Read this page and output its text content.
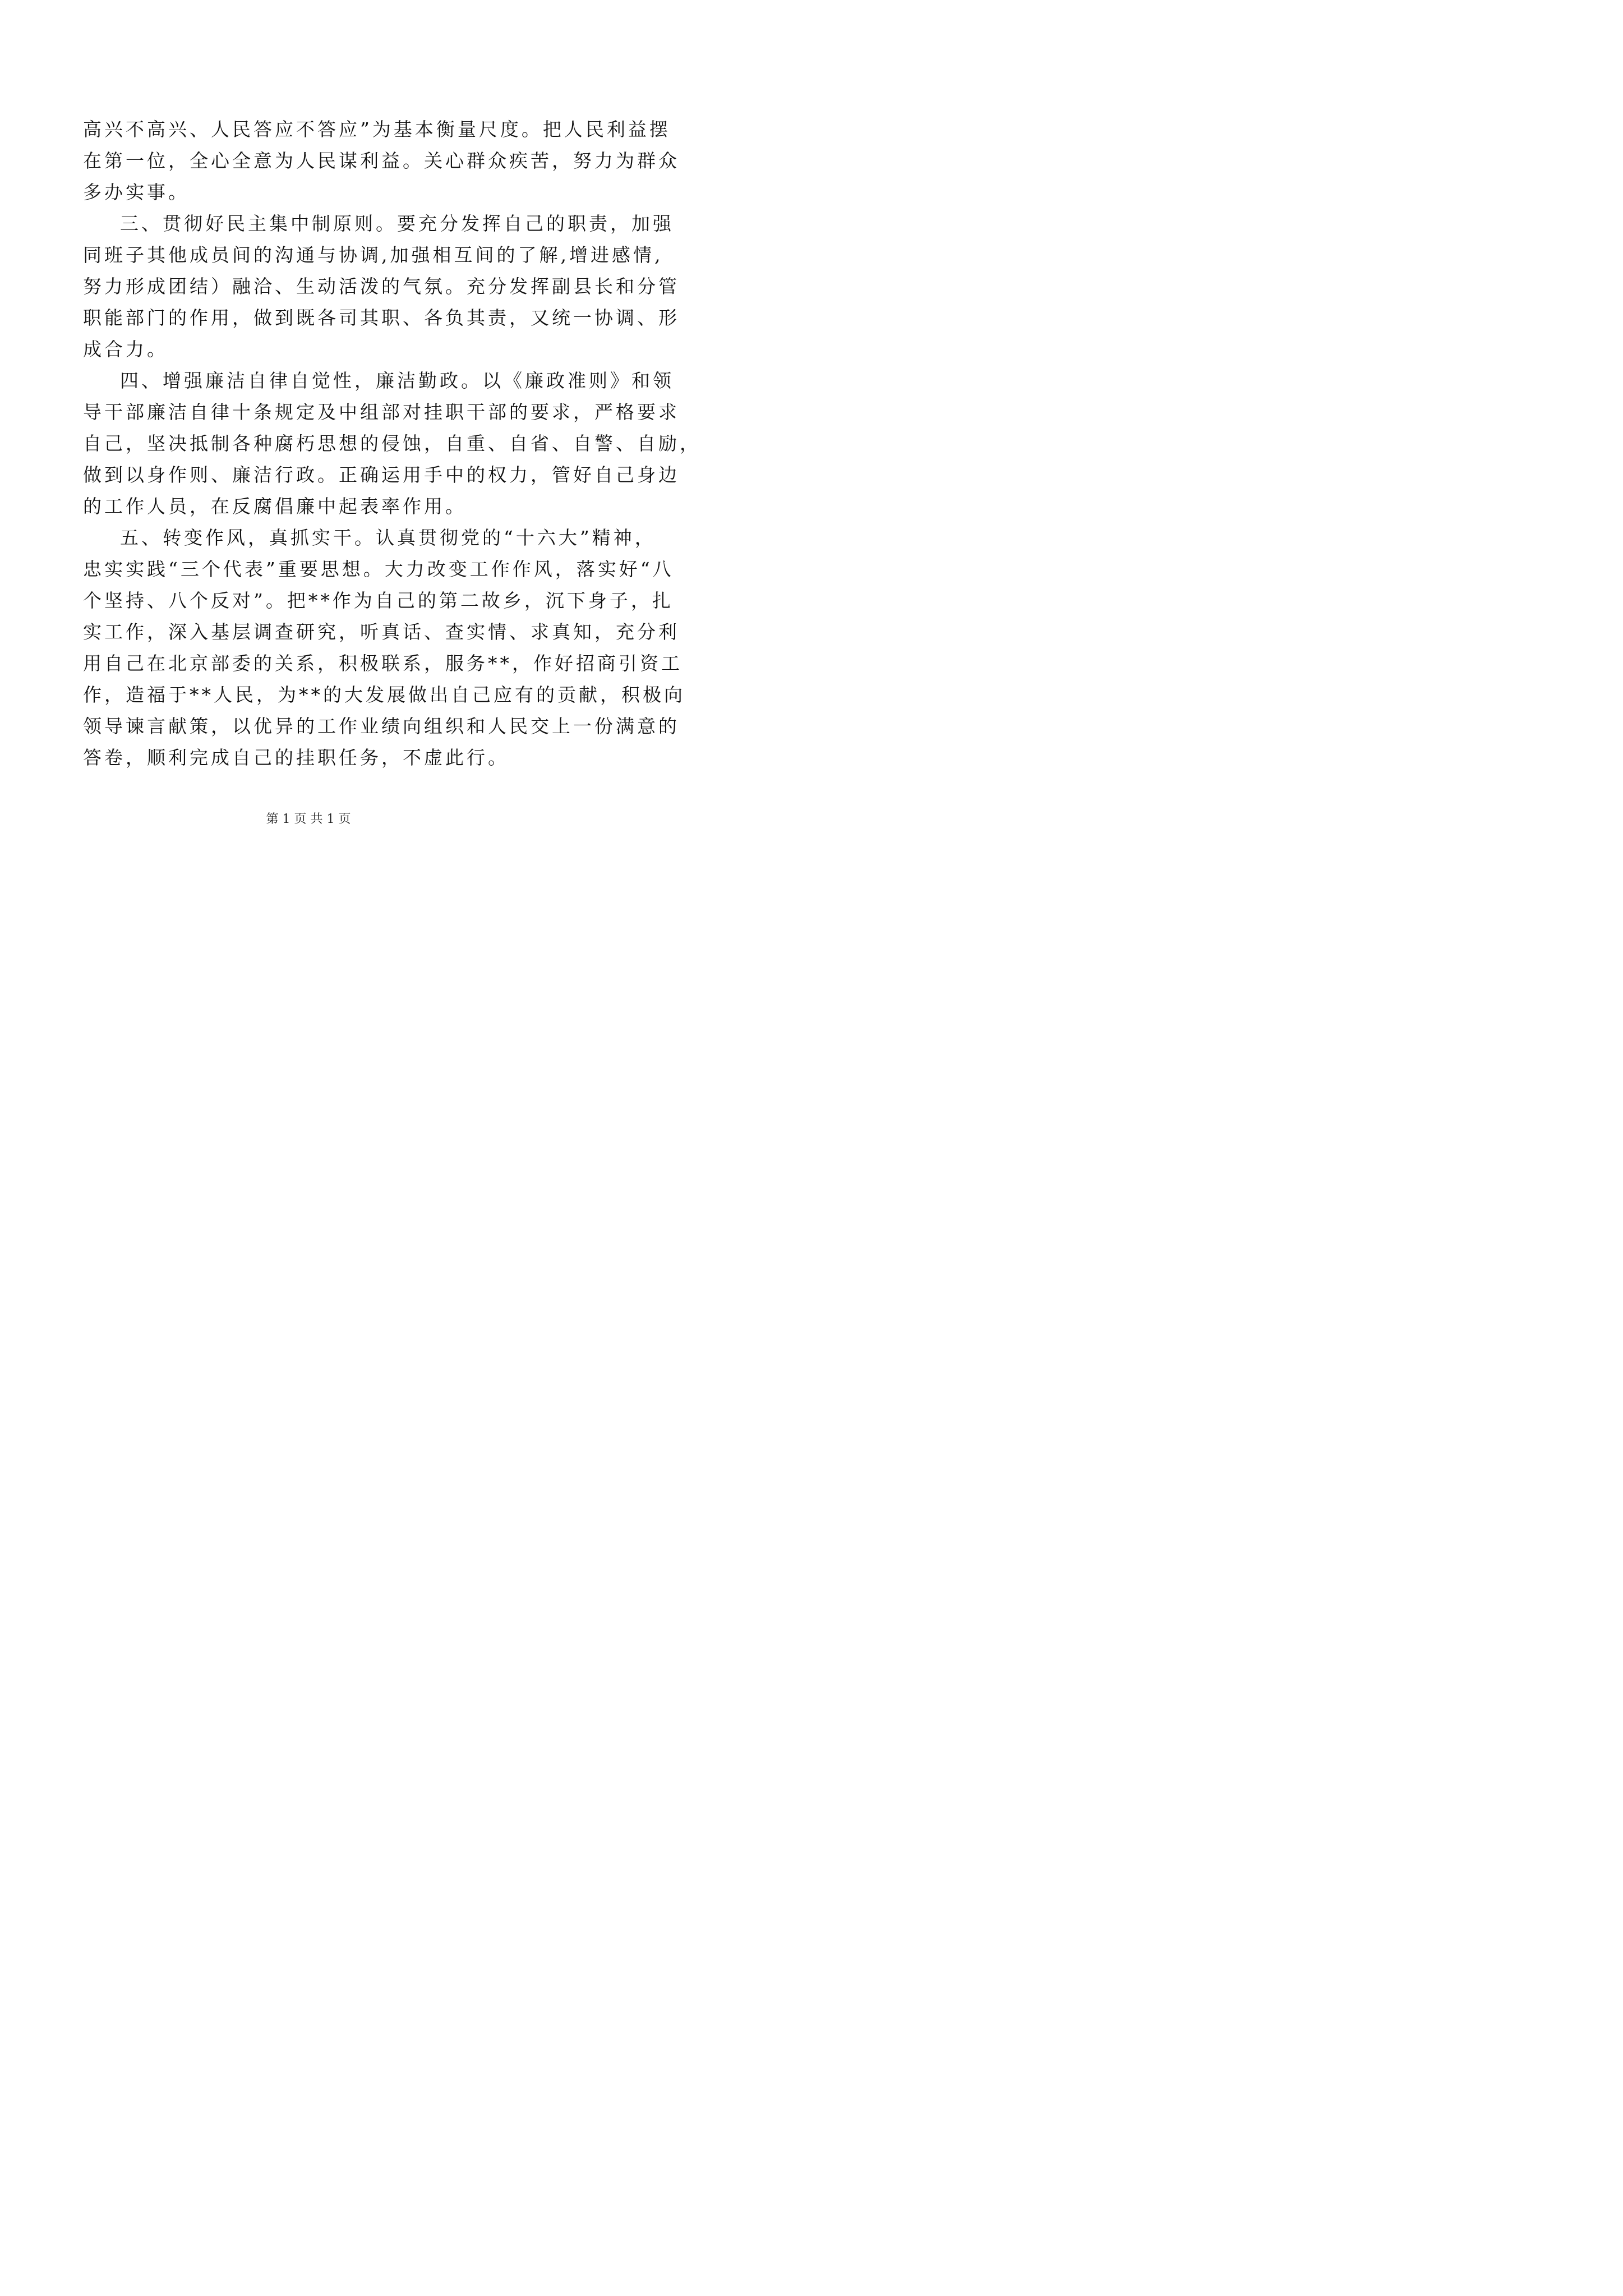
高兴不高兴、人民答应不答应”为基本衡量尺度。把人民利益摆
在第一位，全心全意为人民谋利益。关心群众疾苦，努力为群众
多办实事。
三、贯彻好民主集中制原则。要充分发挥自己的职责，加强
同班子其他成员间的沟通与协调,加强相互间的了解,增进感情,
努力形成团结）融洽、生动活泼的气氛。充分发挥副县长和分管
职能部门的作用，做到既各司其职、各负其责，又统一协调、形
成合力。
四、增强廉洁自律自觉性，廉洁勤政。以《廉政准则》和领
导干部廉洁自律十条规定及中组部对挂职干部的要求，严格要求
自己，坚决抵制各种腐朽思想的侵蚀，自重、自省、自警、自励，
做到以身作则、廉洁行政。正确运用手中的权力，管好自己身边
的工作人员，在反腐倡廉中起表率作用。
五、转变作风，真抓实干。认真贯彻党的“十六大”精神，
忠实实践“三个代表”重要思想。大力改变工作作风，落实好“八
个坚持、八个反对”。把**作为自己的第二故乡，沉下身子，扎
实工作，深入基层调查研究，听真话、查实情、求真知，充分利
用自己在北京部委的关系，积极联系，服务**，作好招商引资工
作，造福于**人民，为**的大发展做出自己应有的贡献，积极向
领导谏言献策，以优异的工作业绩向组织和人民交上一份满意的
答卷，顺利完成自己的挂职任务，不虚此行。
第 1 页 共 1 页
